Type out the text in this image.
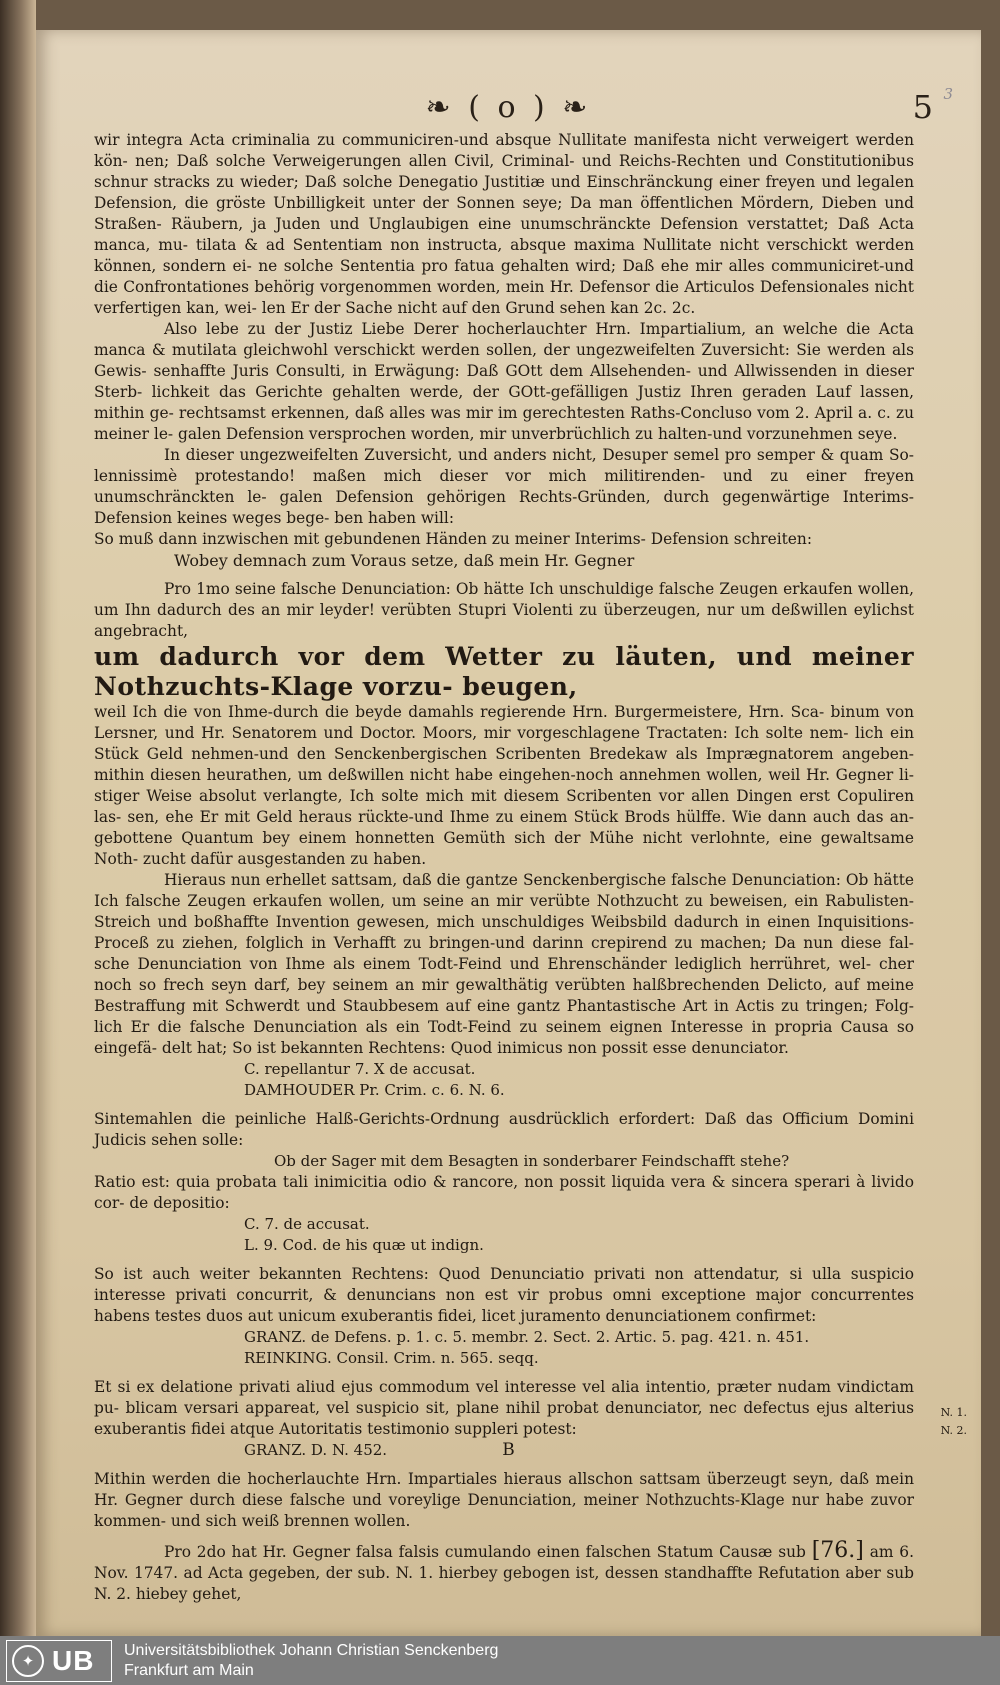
❧ ( o ) ❧	5 3

wir integra Acta criminalia zu communiciren-und absque Nullitate manifesta nicht verweigert werden kön- nen; Daß solche Verweigerungen allen Civil, Criminal- und Reichs-Rechten und Constitutionibus schnur stracks zu wieder; Daß solche Denegatio Justitiæ und Einschränckung einer freyen und legalen Defension, die gröste Unbilligkeit unter der Sonnen seye; Da man öffentlichen Mördern, Dieben und Straßen- Räubern, ja Juden und Unglaubigen eine unumschränckte Defension verstattet; Daß Acta manca, mu- tilata & ad Sententiam non instructa, absque maxima Nullitate nicht verschickt werden können, sondern ei- ne solche Sententia pro fatua gehalten wird; Daß ehe mir alles communiciret-und die Confrontationes behörig vorgenommen worden, mein Hr. Defensor die Articulos Defensionales nicht verfertigen kan, wei- len Er der Sache nicht auf den Grund sehen kan 2c. 2c.

Also lebe zu der Justiz Liebe Derer hocherlauchter Hrn. Impartialium, an welche die Acta manca & mutilata gleichwohl verschickt werden sollen, der ungezweifelten Zuversicht: Sie werden als Gewis- senhaffte Juris Consulti, in Erwägung: Daß GOtt dem Allsehenden- und Allwissenden in dieser Sterb- lichkeit das Gerichte gehalten werde, der GOtt-gefälligen Justiz Ihren geraden Lauf lassen, mithin ge- rechtsamst erkennen, daß alles was mir im gerechtesten Raths-Concluso vom 2. April a. c. zu meiner le- galen Defension versprochen worden, mir unverbrüchlich zu halten-und vorzunehmen seye.

In dieser ungezweifelten Zuversicht, und anders nicht, Desuper semel pro semper & quam So- lennissimè protestando! maßen mich dieser vor mich militirenden- und zu einer freyen unumschränckten le- galen Defension gehörigen Rechts-Gründen, durch gegenwärtige Interims-Defension keines weges bege- ben haben will:

So muß dann inzwischen mit gebundenen Händen zu meiner Interims- Defension schreiten:

Wobey demnach zum Voraus setze, daß mein Hr. Gegner

Pro 1mo seine falsche Denunciation: Ob hätte Ich unschuldige falsche Zeugen erkaufen wollen, um Ihn dadurch des an mir leyder! verübten Stupri Violenti zu überzeugen, nur um deßwillen eylichst angebracht,

um dadurch vor dem Wetter zu läuten, und meiner Nothzuchts-Klage vorzu- beugen,

weil Ich die von Ihme-durch die beyde damahls regierende Hrn. Burgermeistere, Hrn. Sca- binum von Lersner, und Hr. Senatorem und Doctor. Moors, mir vorgeschlagene Tractaten: Ich solte nem- lich ein Stück Geld nehmen-und den Senckenbergischen Scribenten Bredekaw als Imprægnatorem angeben- mithin diesen heurathen, um deßwillen nicht habe eingehen-noch annehmen wollen, weil Hr. Gegner li- stiger Weise absolut verlangte, Ich solte mich mit diesem Scribenten vor allen Dingen erst Copuliren las- sen, ehe Er mit Geld heraus rückte-und Ihme zu einem Stück Brods hülffe. Wie dann auch das an- gebottene Quantum bey einem honnetten Gemüth sich der Mühe nicht verlohnte, eine gewaltsame Noth- zucht dafür ausgestanden zu haben.

Hieraus nun erhellet sattsam, daß die gantze Senckenbergische falsche Denunciation: Ob hätte Ich falsche Zeugen erkaufen wollen, um seine an mir verübte Nothzucht zu beweisen, ein Rabulisten- Streich und boßhaffte Invention gewesen, mich unschuldiges Weibsbild dadurch in einen Inquisitions- Proceß zu ziehen, folglich in Verhafft zu bringen-und darinn crepirend zu machen; Da nun diese fal- sche Denunciation von Ihme als einem Todt-Feind und Ehrenschänder lediglich herrühret, wel- cher noch so frech seyn darf, bey seinem an mir gewalthätig verübten halßbrechenden Delicto, auf meine Bestraffung mit Schwerdt und Staubbesem auf eine gantz Phantastische Art in Actis zu tringen; Folg- lich Er die falsche Denunciation als ein Todt-Feind zu seinem eignen Interesse in propria Causa so eingefä- delt hat; So ist bekannten Rechtens: Quod inimicus non possit esse denunciator.

C. repellantur 7. X de accusat.

DAMHOUDER Pr. Crim. c. 6. N. 6.

Sintemahlen die peinliche Halß-Gerichts-Ordnung ausdrücklich erfordert: Daß das Officium Domini Judicis sehen solle:

Ob der Sager mit dem Besagten in sonderbarer Feindschafft stehe?

Ratio est: quia probata tali inimicitia odio & rancore, non possit liquida vera & sincera sperari à livido cor- de depositio:

C. 7. de accusat.

L. 9. Cod. de his quæ ut indign.

So ist auch weiter bekannten Rechtens: Quod Denunciatio privati non attendatur, si ulla suspicio interesse privati concurrit, & denuncians non est vir probus omni exceptione major concurrentes habens testes duos aut unicum exuberantis fidei, licet juramento denunciationem confirmet:

GRANZ. de Defens. p. 1. c. 5. membr. 2. Sect. 2. Artic. 5. pag. 421. n. 451.

REINKING. Consil. Crim. n. 565. seqq.

Et si ex delatione privati aliud ejus commodum vel interesse vel alia intentio, præter nudam vindictam pu- blicam versari appareat, vel suspicio sit, plane nihil probat denunciator, nec defectus ejus alterius exuberantis fidei atque Autoritatis testimonio suppleri potest:

GRANZ. D. N. 452.

Mithin werden die hocherlauchte Hrn. Impartiales hieraus allschon sattsam überzeugt seyn, daß mein Hr. Gegner durch diese falsche und voreylige Denunciation, meiner Nothzuchts-Klage nur habe zuvor kommen- und sich weiß brennen wollen.

Pro 2do hat Hr. Gegner falsa falsis cumulando einen falschen Statum Causæ sub [76.] am 6. Nov. 1747. ad Acta gegeben, der sub. N. 1. hierbey gebogen ist, dessen standhaffte Refutation aber sub N. 2. hiebey gehet,

B
N. 1.
N. 2.
✦ UB Universitätsbibliothek Johann Christian Senckenberg
Frankfurt am Main
